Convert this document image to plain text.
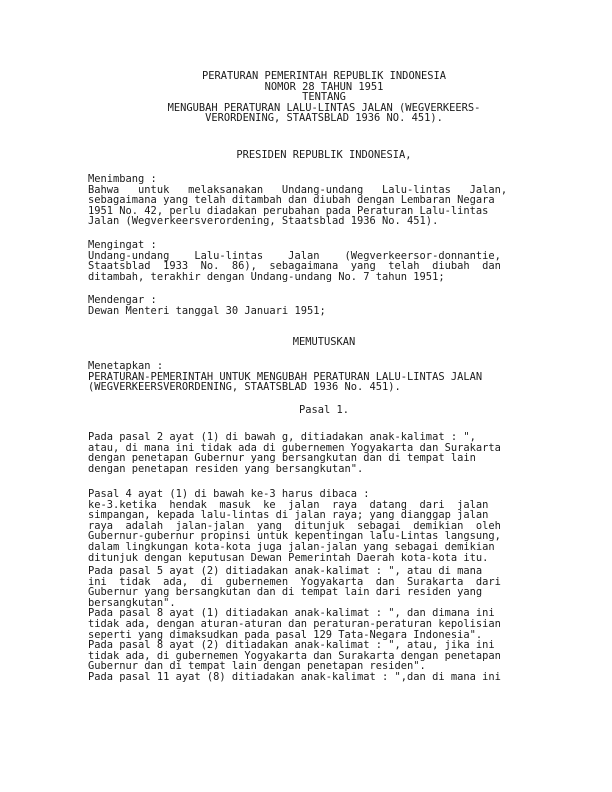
PERATURAN PEMERINTAH REPUBLIK INDONESIA
NOMOR 28 TAHUN 1951
TENTANG
MENGUBAH PERATURAN LALU-LINTAS JALAN (WEGVERKEERS-
VERORDENING, STAATSBLAD 1936 NO. 451).
PRESIDEN REPUBLIK INDONESIA,
Menimbang :
Bahwa   untuk   melaksanakan   Undang-undang   Lalu-lintas   Jalan,
sebagaimana yang telah ditambah dan diubah dengan Lembaran Negara
1951 No. 42, perlu diadakan perubahan pada Peraturan Lalu-lintas
Jalan (Wegverkeersverordening, Staatsblad 1936 No. 451).
Mengingat :
Undang-undang    Lalu-lintas    Jalan    (Wegverkeersor-donnantie,
Staatsblad  1933  No.  86),  sebagaimana  yang  telah  diubah  dan
ditambah, terakhir dengan Undang-undang No. 7 tahun 1951;
Mendengar :
Dewan Menteri tanggal 30 Januari 1951;
MEMUTUSKAN
Menetapkan :
PERATURAN-PEMERINTAH UNTUK MENGUBAH PERATURAN LALU-LINTAS JALAN
(WEGVERKEERSVERORDENING, STAATSBLAD 1936 No. 451).
Pasal 1.
Pada pasal 2 ayat (1) di bawah g, ditiadakan anak-kalimat : ",
atau, di mana ini tidak ada di gubernemen Yogyakarta dan Surakarta
dengan penetapan Gubernur yang bersangkutan dan di tempat lain
dengan penetapan residen yang bersangkutan".
Pasal 4 ayat (1) di bawah ke-3 harus dibaca :
ke-3.ketika  hendak  masuk  ke  jalan  raya  datang  dari  jalan
simpangan, kepada lalu-lintas di jalan raya; yang dianggap jalan
raya  adalah  jalan-jalan  yang  ditunjuk  sebagai  demikian  oleh
Gubernur-gubernur propinsi untuk kepentingan lalu-Lintas langsung,
dalam lingkungan kota-kota juga jalan-jalan yang sebagai demikian
ditunjuk dengan keputusan Dewan Pemerintah Daerah kota-kota itu.
Pada pasal 5 ayat (2) ditiadakan anak-kalimat : ", atau di mana
ini  tidak  ada,  di  gubernemen  Yogyakarta  dan  Surakarta  dari
Gubernur yang bersangkutan dan di tempat lain dari residen yang
bersangkutan".
Pada pasal 8 ayat (1) ditiadakan anak-kalimat : ", dan dimana ini
tidak ada, dengan aturan-aturan dan peraturan-peraturan kepolisian
seperti yang dimaksudkan pada pasal 129 Tata-Negara Indonesia".
Pada pasal 8 ayat (2) ditiadakan anak-kalimat : ", atau, jika ini
tidak ada, di gubernemen Yogyakarta dan Surakarta dengan penetapan
Gubernur dan di tempat lain dengan penetapan residen".
Pada pasal 11 ayat (8) ditiadakan anak-kalimat : ",dan di mana ini
